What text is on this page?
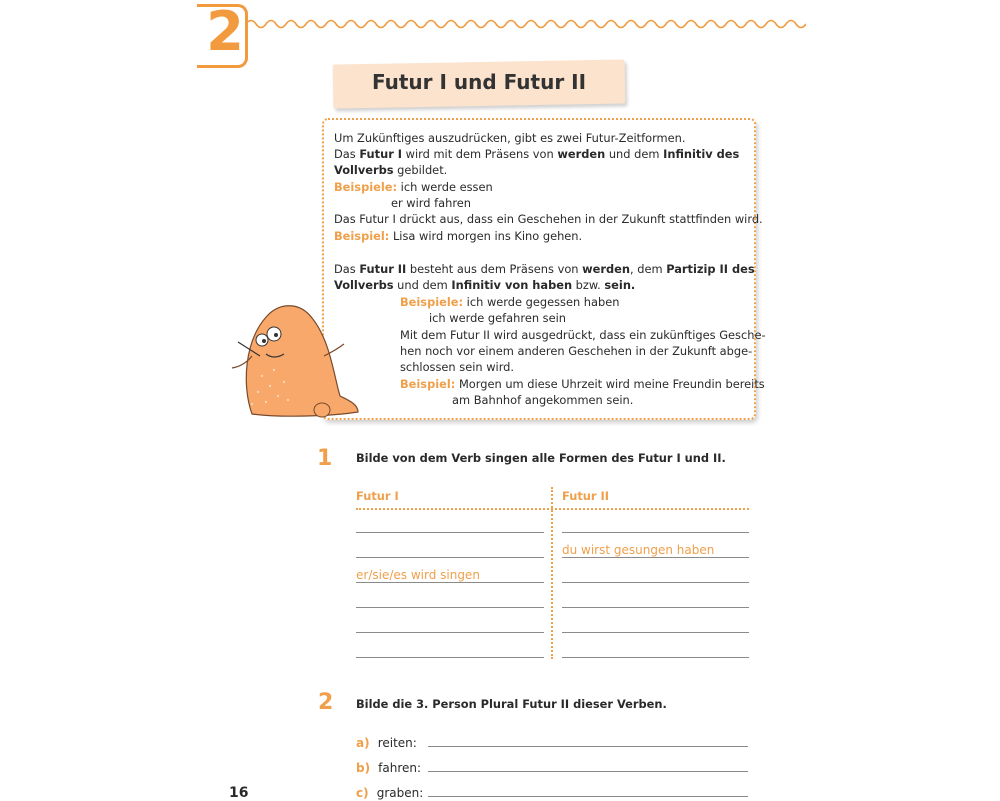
2
Futur I und Futur II
Um Zukünftiges auszudrücken, gibt es zwei Futur-Zeitformen.
Das Futur I wird mit dem Präsens von werden und dem Infinitiv des
Vollverbs gebildet.
Beispiele: ich werde essen
er wird fahren
Das Futur I drückt aus, dass ein Geschehen in der Zukunft stattfinden wird.
Beispiel: Lisa wird morgen ins Kino gehen.
Das Futur II besteht aus dem Präsens von werden, dem Partizip II des
Vollverbs und dem Infinitiv von haben bzw. sein.
Beispiele: ich werde gegessen haben
ich werde gefahren sein
Mit dem Futur II wird ausgedrückt, dass ein zukünftiges Gesche-
hen noch vor einem anderen Geschehen in der Zukunft abge-
schlossen sein wird.
Beispiel: Morgen um diese Uhrzeit wird meine Freundin bereits
am Bahnhof angekommen sein.
1 Bilde von dem Verb singen alle Formen des Futur I und II.
Futur I	Futur II
er/sie/es wird singen
du wirst gesungen haben
2 Bilde die 3. Person Plural Futur II dieser Verben.
a) reiten:
b) fahren:
c) graben:
16
